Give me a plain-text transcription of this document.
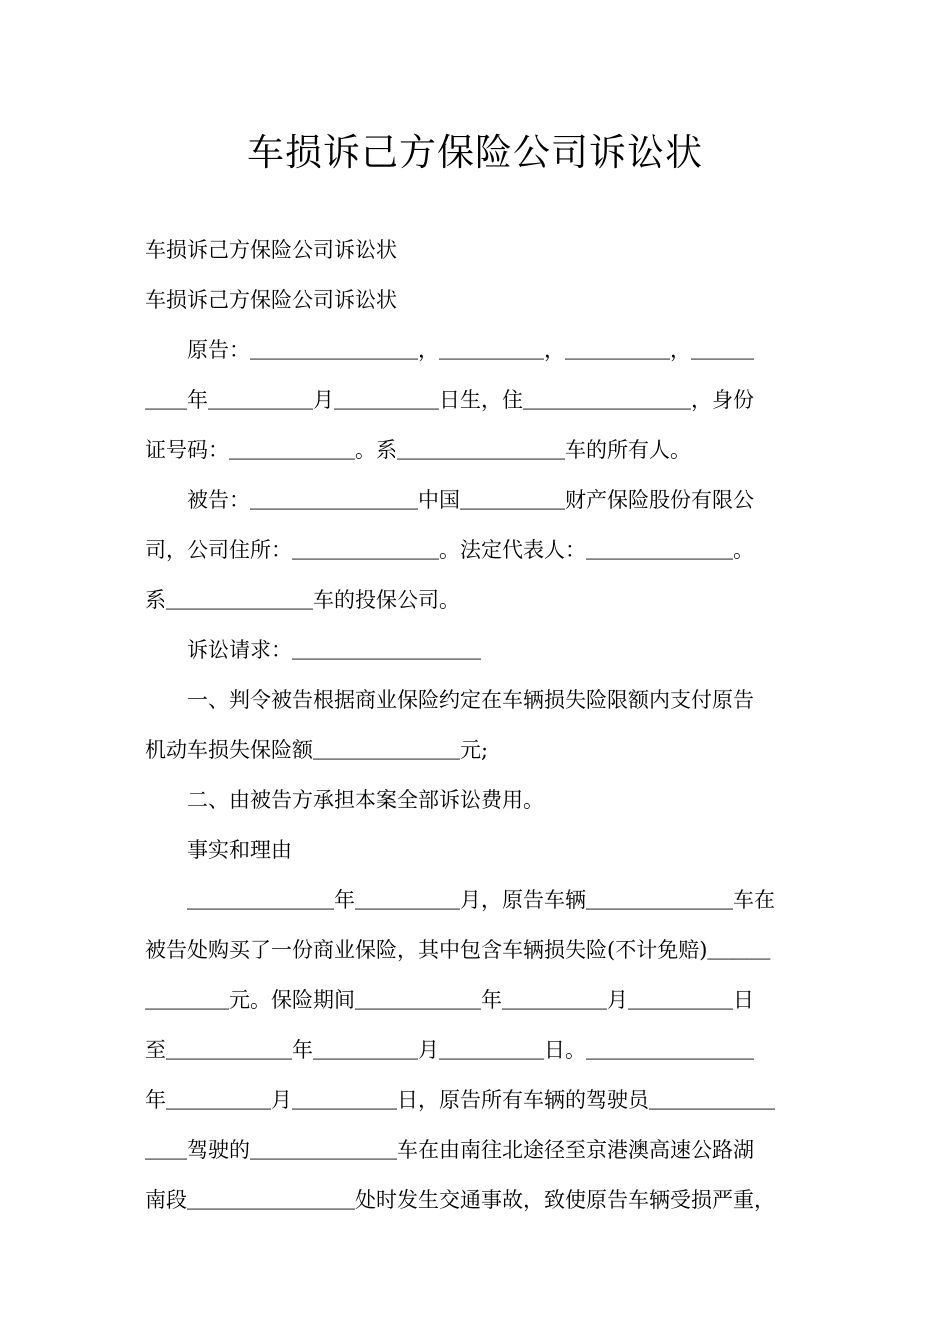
车损诉己方保险公司诉讼状
车损诉己方保险公司诉讼状
车损诉己方保险公司诉讼状
　　原告：＿＿＿＿＿＿＿＿，＿＿＿＿＿，＿＿＿＿＿，＿＿＿
＿＿年＿＿＿＿＿月＿＿＿＿＿日生，住＿＿＿＿＿＿＿＿，身份
证号码：＿＿＿＿＿＿。系＿＿＿＿＿＿＿＿车的所有人。
　　被告：＿＿＿＿＿＿＿＿中国＿＿＿＿＿财产保险股份有限公
司，公司住所：＿＿＿＿＿＿＿。法定代表人：＿＿＿＿＿＿＿。
系＿＿＿＿＿＿＿车的投保公司。
　　诉讼请求：＿＿＿＿＿＿＿＿＿
　　一、判令被告根据商业保险约定在车辆损失险限额内支付原告
机动车损失保险额＿＿＿＿＿＿＿元;
　　二、由被告方承担本案全部诉讼费用。
　　事实和理由
　　＿＿＿＿＿＿＿年＿＿＿＿＿月，原告车辆＿＿＿＿＿＿＿车在
被告处购买了一份商业保险，其中包含车辆损失险(不计免赔)＿＿＿
＿＿＿＿元。保险期间＿＿＿＿＿＿年＿＿＿＿＿月＿＿＿＿＿日
至＿＿＿＿＿＿年＿＿＿＿＿月＿＿＿＿＿日。＿＿＿＿＿＿＿＿
年＿＿＿＿＿月＿＿＿＿＿日，原告所有车辆的驾驶员＿＿＿＿＿＿
＿＿驾驶的＿＿＿＿＿＿＿车在由南往北途径至京港澳高速公路湖
南段＿＿＿＿＿＿＿＿处时发生交通事故，致使原告车辆受损严重，
